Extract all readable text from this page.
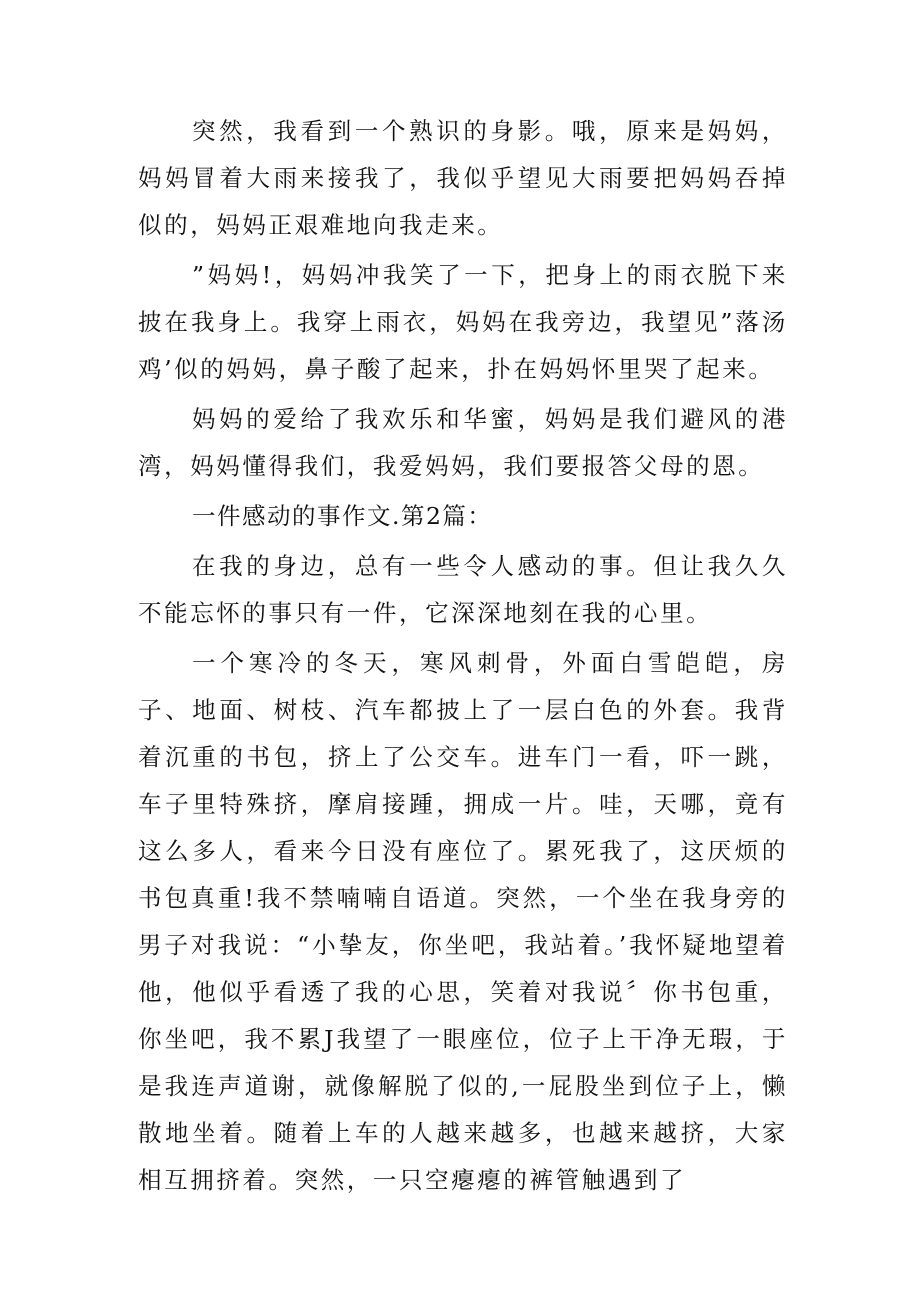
突然，我看到一个熟识的身影。哦，原来是妈妈，妈妈冒着大雨来接我了，我似乎望见大雨要把妈妈吞掉似的，妈妈正艰难地向我走来。

”妈妈!，妈妈冲我笑了一下，把身上的雨衣脱下来披在我身上。我穿上雨衣，妈妈在我旁边，我望见”落汤鸡’似的妈妈，鼻子酸了起来，扑在妈妈怀里哭了起来。

妈妈的爱给了我欢乐和华蜜，妈妈是我们避风的港湾，妈妈懂得我们，我爱妈妈，我们要报答父母的恩。

一件感动的事作文.第2篇：

在我的身边，总有一些令人感动的事。但让我久久不能忘怀的事只有一件，它深深地刻在我的心里。

一个寒冷的冬天，寒风刺骨，外面白雪皑皑，房子、地面、树枝、汽车都披上了一层白色的外套。我背着沉重的书包，挤上了公交车。进车门一看，吓一跳，车子里特殊挤，摩肩接踵，拥成一片。哇，天哪，竟有这么多人，看来今日没有座位了。累死我了，这厌烦的书包真重!我不禁喃喃自语道。突然，一个坐在我身旁的男子对我说：“小挚友，你坐吧，我站着。’我怀疑地望着他，他似乎看透了我的心思，笑着对我说〞你书包重，你坐吧，我不累J我望了一眼座位，位子上干净无瑕，于是我连声道谢，就像解脱了似的,一屁股坐到位子上，懒散地坐着。随着上车的人越来越多，也越来越挤，大家相互拥挤着。突然，一只空瘪瘪的裤管触遇到了
